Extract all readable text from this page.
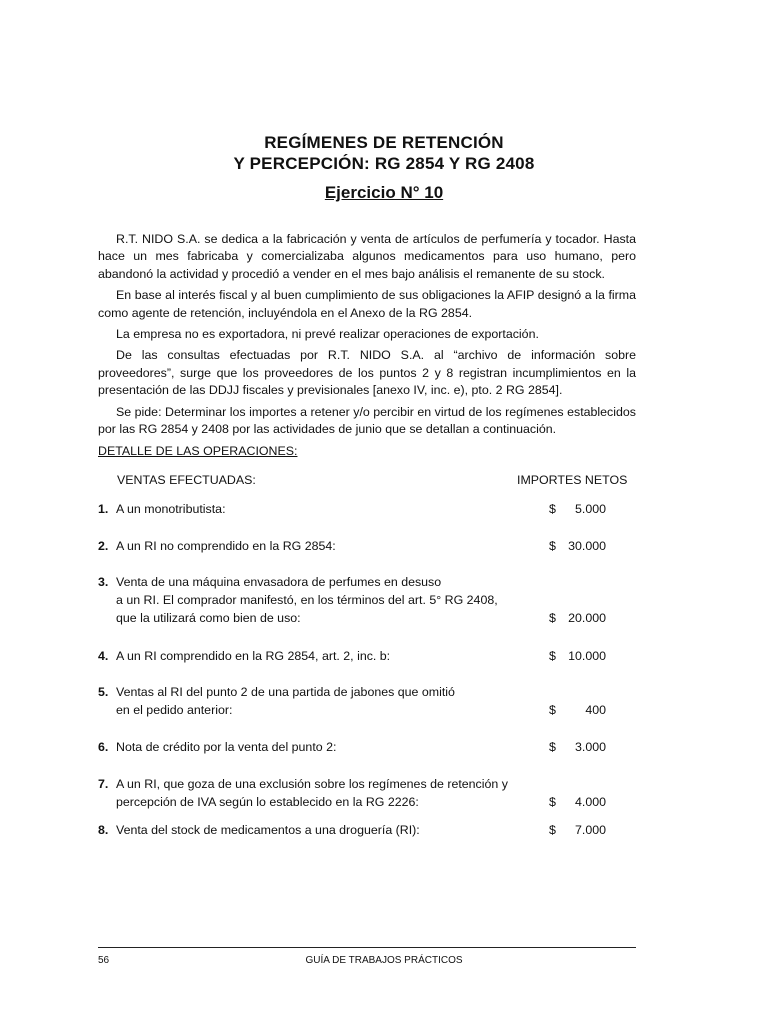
REGÍMENES DE RETENCIÓN
Y PERCEPCIÓN: RG 2854 Y RG 2408
Ejercicio N° 10

R.T. NIDO S.A. se dedica a la fabricación y venta de artículos de perfumería y tocador. Hasta hace un mes fabricaba y comercializaba algunos medicamentos para uso humano, pero abandonó la actividad y procedió a vender en el mes bajo análisis el remanente de su stock.

En base al interés fiscal y al buen cumplimiento de sus obligaciones la AFIP designó a la firma como agente de retención, incluyéndola en el Anexo de la RG 2854.

La empresa no es exportadora, ni prevé realizar operaciones de exportación.

De las consultas efectuadas por R.T. NIDO S.A. al “archivo de información sobre proveedores”, surge que los proveedores de los puntos 2 y 8 registran incumplimientos en la presentación de las DDJJ fiscales y previsionales [anexo IV, inc. e), pto. 2 RG 2854].

Se pide: Determinar los importes a retener y/o percibir en virtud de los regímenes establecidos por las RG 2854 y 2408 por las actividades de junio que se detallan a continuación.

DETALLE DE LAS OPERACIONES:
VENTAS EFECTUADAS:	IMPORTES NETOS
1. A un monotributista:	$	5.000
2. A un RI no comprendido en la RG 2854:	$ 30.000
3. Venta de una máquina envasadora de perfumes en desuso
a un RI. El comprador manifestó, en los términos del art. 5° RG 2408,
que la utilizará como bien de uso:	$ 20.000
4. A un RI comprendido en la RG 2854, art. 2, inc. b:	$ 10.000
5. Ventas al RI del punto 2 de una partida de jabones que omitió
en el pedido anterior:	$	400
6. Nota de crédito por la venta del punto 2:	$	3.000
7. A un RI, que goza de una exclusión sobre los regímenes de retención y
percepción de IVA según lo establecido en la RG 2226:	$	4.000
8. Venta del stock de medicamentos a una droguería (RI):	$	7.000
56	GUÍA DE TRABAJOS PRÁCTICOS
